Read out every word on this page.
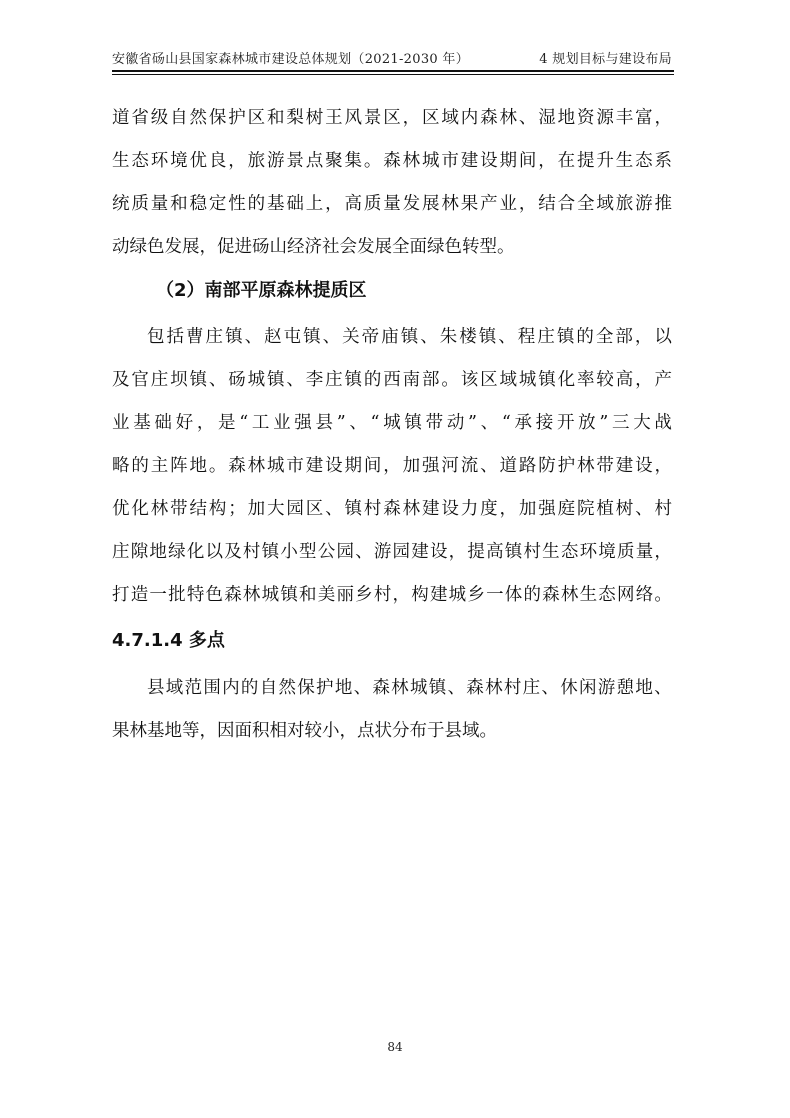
安徽省砀山县国家森林城市建设总体规划（2021-2030 年）	4 规划目标与建设布局

道 省 级 自 然 保 护 区 和 梨 树 王 风 景 区 ， 区 域 内 森 林 、 湿 地 资 源 丰 富 ，

生 态 环 境 优 良 ， 旅 游 景 点 聚 集 。 森 林 城 市 建 设 期 间 ， 在 提 升 生 态 系

统 质 量 和 稳 定 性 的 基 础 上 ， 高 质 量 发 展 林 果 产 业 ， 结 合 全 域 旅 游 推

动绿色发展，促进砀山经济社会发展全面绿色转型。

（2）南部平原森林提质区

包 括 曹 庄 镇 、 赵 屯 镇 、 关 帝 庙 镇 、 朱 楼 镇 、 程 庄 镇 的 全 部 ， 以

及 官 庄 坝 镇 、 砀 城 镇 、 李 庄 镇 的 西 南 部 。 该 区 域 城 镇 化 率 较 高 ， 产

业 基 础 好 ， 是 “ 工 业 强 县 ” 、 “ 城 镇 带 动 ” 、 “ 承 接 开 放 ” 三 大 战

略 的 主 阵 地 。 森 林 城 市 建 设 期 间 ， 加 强 河 流 、 道 路 防 护 林 带 建 设 ，

优 化 林 带 结 构 ； 加 大 园 区 、 镇 村 森 林 建 设 力 度 ， 加 强 庭 院 植 树 、 村

庄 隙 地 绿 化 以 及 村 镇 小 型 公 园 、 游 园 建 设 ， 提 高 镇 村 生 态 环 境 质 量 ，

打 造 一 批 特 色 森 林 城 镇 和 美 丽 乡 村 ， 构 建 城 乡 一 体 的 森 林 生 态 网 络 。

4.7.1.4 多点

县 域 范 围 内 的 自 然 保 护 地 、 森 林 城 镇 、 森 林 村 庄 、 休 闲 游 憩 地 、

果林基地等，因面积相对较小，点状分布于县域。

84
